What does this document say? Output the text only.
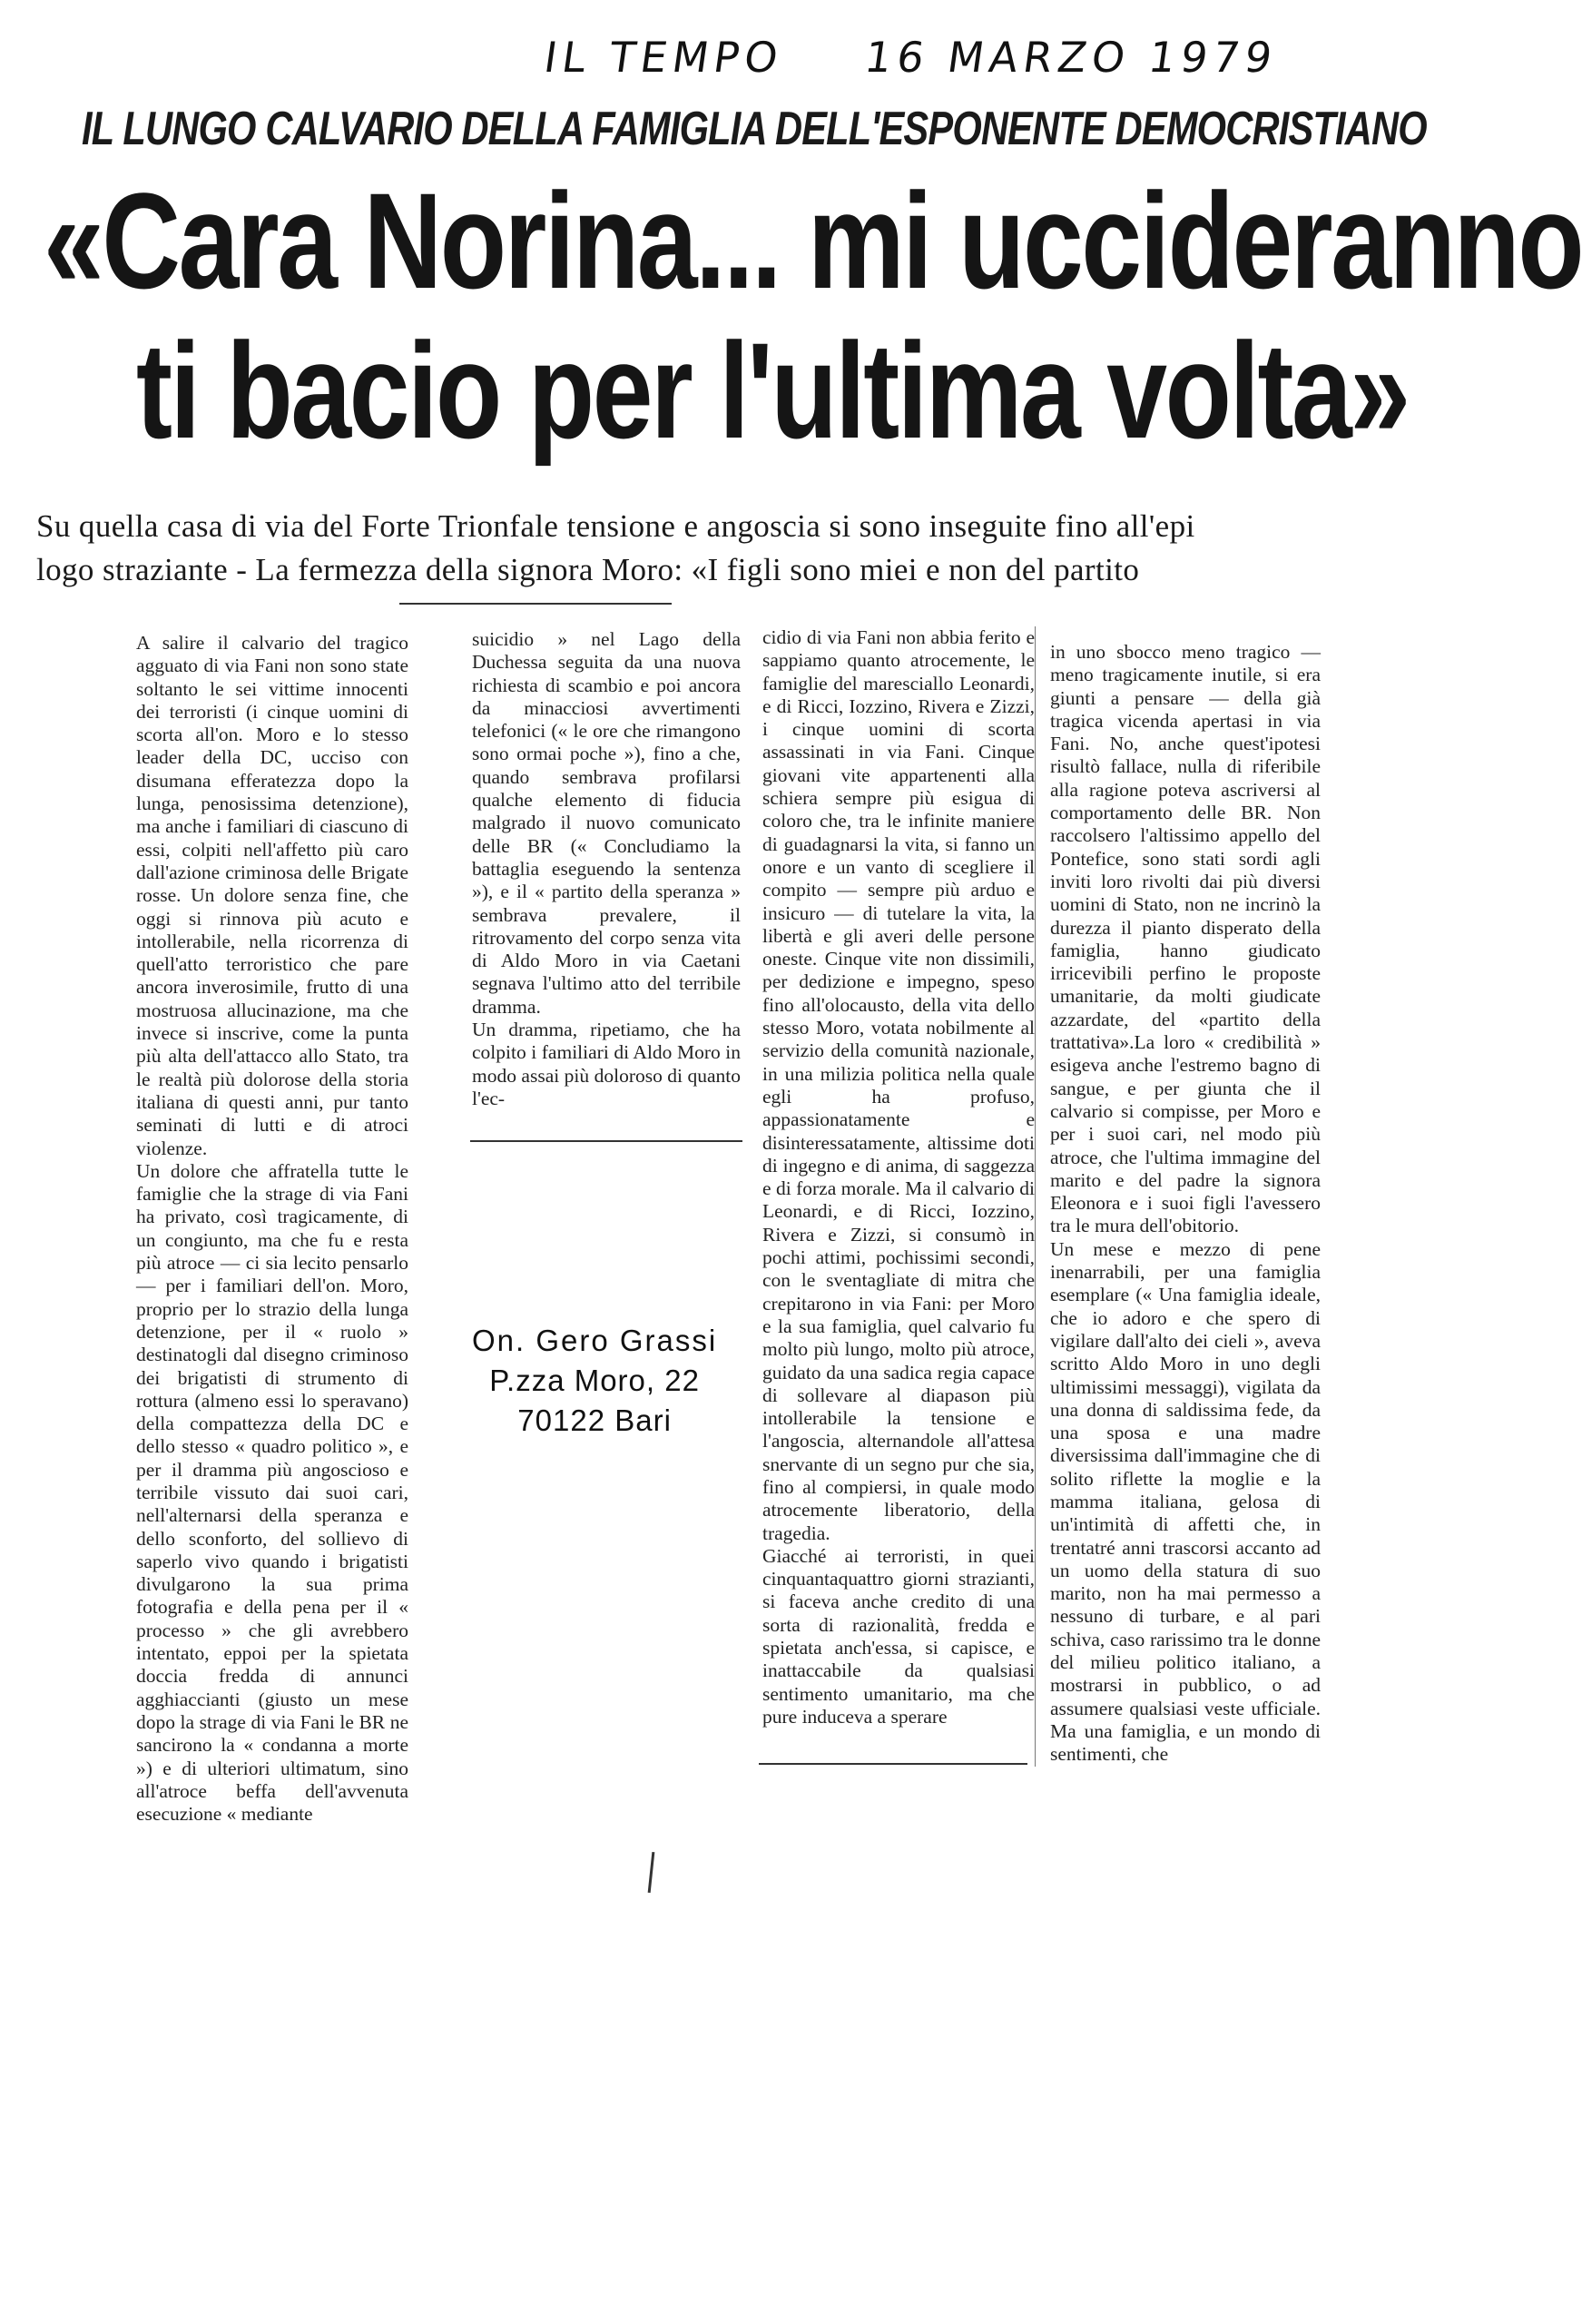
IL TEMPO 16 MARZO 1979
IL LUNGO CALVARIO DELLA FAMIGLIA DELL'ESPONENTE DEMOCRISTIANO
«Cara Norina... mi uccideranno
ti bacio per l'ultima volta»
Su quella casa di via del Forte Trionfale tensione e angoscia si sono inseguite fino all'epi
logo straziante - La fermezza della signora Moro: «I figli sono miei e non del partito
A salire il calvario del tragico agguato di via Fani non sono state soltanto le sei vittime innocenti dei terroristi (i cinque uomini di scorta all'on. Moro e lo stesso leader della DC, ucciso con disumana efferatezza dopo la lunga, penosissima detenzione), ma anche i familiari di ciascuno di essi, colpiti nell'affetto più caro dall'azione criminosa delle Brigate rosse. Un dolore senza fine, che oggi si rinnova più acuto e intollerabile, nella ricorrenza di quell'atto terroristico che pare ancora inverosimile, frutto di una mostruosa allucinazione, ma che invece si inscrive, come la punta più alta dell'attacco allo Stato, tra le realtà più dolorose della storia italiana di questi anni, pur tanto seminati di lutti e di atroci violenze.
Un dolore che affratella tutte le famiglie che la strage di via Fani ha privato, così tragicamente, di un congiunto, ma che fu e resta più atroce — ci sia lecito pensarlo — per i familiari dell'on. Moro, proprio per lo strazio della lunga detenzione, per il « ruolo » destinatogli dal disegno criminoso dei brigatisti di strumento di rottura (almeno essi lo speravano) della compattezza della DC e dello stesso « quadro politico », e per il dramma più angoscioso e terribile vissuto dai suoi cari, nell'alternarsi della speranza e dello sconforto, del sollievo di saperlo vivo quando i brigatisti divulgarono la sua prima fotografia e della pena per il « processo » che gli avrebbero intentato, eppoi per la spietata doccia fredda di annunci agghiaccianti (giusto un mese dopo la strage di via Fani le BR ne sancirono la « condanna a morte ») e di ulteriori ultimatum, sino all'atroce beffa dell'avvenuta esecuzione « mediante
suicidio » nel Lago della Duchessa seguita da una nuova richiesta di scambio e poi ancora da minacciosi avvertimenti telefonici (« le ore che rimangono sono ormai poche »), fino a che, quando sembrava profilarsi qualche elemento di fiducia malgrado il nuovo comunicato delle BR (« Concludiamo la battaglia eseguendo la sentenza »), e il « partito della speranza » sembrava prevalere, il ritrovamento del corpo senza vita di Aldo Moro in via Caetani segnava l'ultimo atto del terribile dramma.
Un dramma, ripetiamo, che ha colpito i familiari di Aldo Moro in modo assai più doloroso di quanto l'ec-
cidio di via Fani non abbia ferito e sappiamo quanto atrocemente, le famiglie del maresciallo Leonardi, e di Ricci, Iozzino, Rivera e Zizzi, i cinque uomini di scorta assassinati in via Fani. Cinque giovani vite appartenenti alla schiera sempre più esigua di coloro che, tra le infinite maniere di guadagnarsi la vita, si fanno un onore e un vanto di scegliere il compito — sempre più arduo e insicuro — di tutelare la vita, la libertà e gli averi delle persone oneste. Cinque vite non dissimili, per dedizione e impegno, speso fino all'olocausto, della vita dello stesso Moro, votata nobilmente al servizio della comunità nazionale, in una milizia politica nella quale egli ha profuso, appassionatamente e disinteressatamente, altissime doti di ingegno e di anima, di saggezza e di forza morale. Ma il calvario di Leonardi, e di Ricci, Iozzino, Rivera e Zizzi, si consumò in pochi attimi, pochissimi secondi, con le sventagliate di mitra che crepitarono in via Fani: per Moro e la sua famiglia, quel calvario fu molto più lungo, molto più atroce, guidato da una sadica regia capace di sollevare al diapason più intollerabile la tensione e l'angoscia, alternandole all'attesa snervante di un segno pur che sia, fino al compiersi, in quale modo atrocemente liberatorio, della tragedia.
Giacché ai terroristi, in quei cinquantaquattro giorni strazianti, si faceva anche credito di una sorta di razionalità, fredda e spietata anch'essa, si capisce, e inattaccabile da qualsiasi sentimento umanitario, ma che pure induceva a sperare
in uno sbocco meno tragico — meno tragicamente inutile, si era giunti a pensare — della già tragica vicenda apertasi in via Fani. No, anche quest'ipotesi risultò fallace, nulla di riferibile alla ragione poteva ascriversi al comportamento delle BR. Non raccolsero l'altissimo appello del Pontefice, sono stati sordi agli inviti loro rivolti dai più diversi uomini di Stato, non ne incrinò la durezza il pianto disperato della famiglia, hanno giudicato irricevibili perfino le proposte umanitarie, da molti giudicate azzardate, del «partito della trattativa».La loro « credibilità » esigeva anche l'estremo bagno di sangue, e per giunta che il calvario si compisse, per Moro e per i suoi cari, nel modo più atroce, che l'ultima immagine del marito e del padre la signora Eleonora e i suoi figli l'avessero tra le mura dell'obitorio.
Un mese e mezzo di pene inenarrabili, per una famiglia esemplare (« Una famiglia ideale, che io adoro e che spero di vigilare dall'alto dei cieli », aveva scritto Aldo Moro in uno degli ultimissimi messaggi), vigilata da una donna di saldissima fede, da una sposa e una madre diversissima dall'immagine che di solito riflette la moglie e la mamma italiana, gelosa di un'intimità di affetti che, in trentatré anni trascorsi accanto ad un uomo della statura di suo marito, non ha mai permesso a nessuno di turbare, e al pari schiva, caso rarissimo tra le donne del milieu politico italiano, a mostrarsi in pubblico, o ad assumere qualsiasi veste ufficiale. Ma una famiglia, e un mondo di sentimenti, che
On. Gero Grassi
P.zza Moro, 22
70122 Bari
